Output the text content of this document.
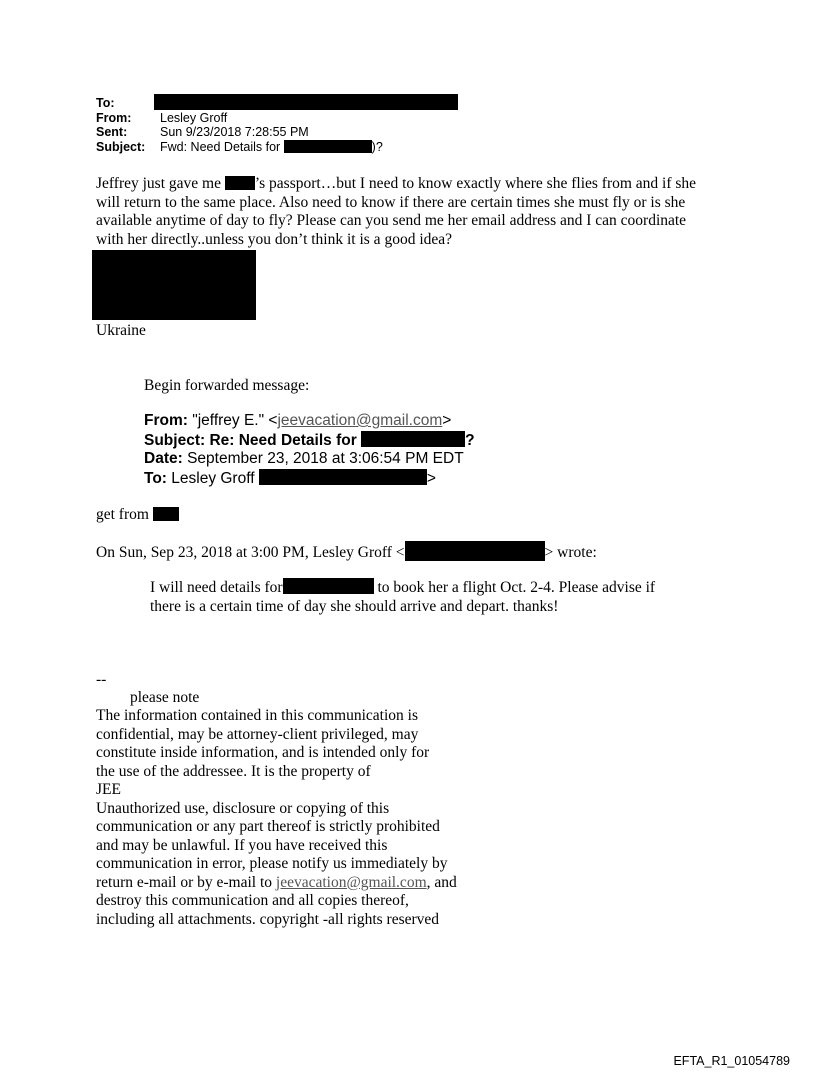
To:
From: Lesley Groff
Sent:	Sun 9/23/2018 7:28:55 PM
Subject: Fwd: Need Details for	)?
Jeffrey just gave me ’s passport…but I need to know exactly where she flies from and if she
will return to the same place. Also need to know if there are certain times she must fly or is she
available anytime of day to fly? Please can you send me her email address and I can coordinate
with her directly..unless you don’t think it is a good idea?
Ukraine
Begin forwarded message:
From: "jeffrey E." <jeevacation@gmail.com>
Subject: Re: Need Details for	?
Date: September 23, 2018 at 3:06:54 PM EDT
To: Lesley Groff	>
get from
On Sun, Sep 23, 2018 at 3:00 PM, Lesley Groff <	> wrote:
I will need details for	to book her a flight Oct. 2-4. Please advise if
there is a certain time of day she should arrive and depart. thanks!
--
please note
The information contained in this communication is
confidential, may be attorney-client privileged, may
constitute inside information, and is intended only for
the use of the addressee. It is the property of
JEE
Unauthorized use, disclosure or copying of this
communication or any part thereof is strictly prohibited
and may be unlawful. If you have received this
communication in error, please notify us immediately by
return e-mail or by e-mail to jeevacation@gmail.com, and
destroy this communication and all copies thereof,
including all attachments. copyright -all rights reserved
EFTA_R1_01054789
